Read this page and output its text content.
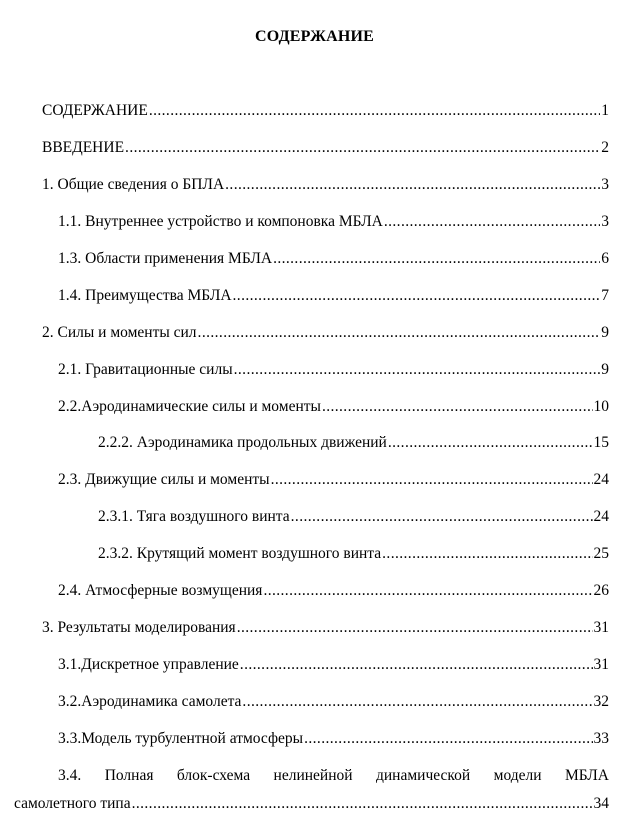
СОДЕРЖАНИЕ
СОДЕРЖАНИЕ .....	1
ВВЕДЕНИЕ .....	2
1. Общие сведения о БПЛА .....	3
1.1. Внутреннее устройство и компоновка МБЛА .....	3
1.3. Области применения МБЛА .....	6
1.4. Преимущества МБЛА .....	7
2. Силы и моменты сил .....	9
2.1. Гравитационные силы .....	9
2.2.Аэродинамические силы и моменты .....	10
2.2.2. Аэродинамика продольных движений .....	15
2.3. Движущие силы и моменты .....	24
2.3.1. Тяга воздушного винта .....	24
2.3.2. Крутящий момент воздушного винта .....	25
2.4. Атмосферные возмущения .....	26
3. Результаты моделирования .....	31
3.1.Дискретное управление .....	31
3.2.Аэродинамика самолета .....	32
3.3.Модель турбулентной атмосферы .....	33
3.4. Полная блок-схема нелинейной динамической модели МБЛА
самолетного типа .....	34
